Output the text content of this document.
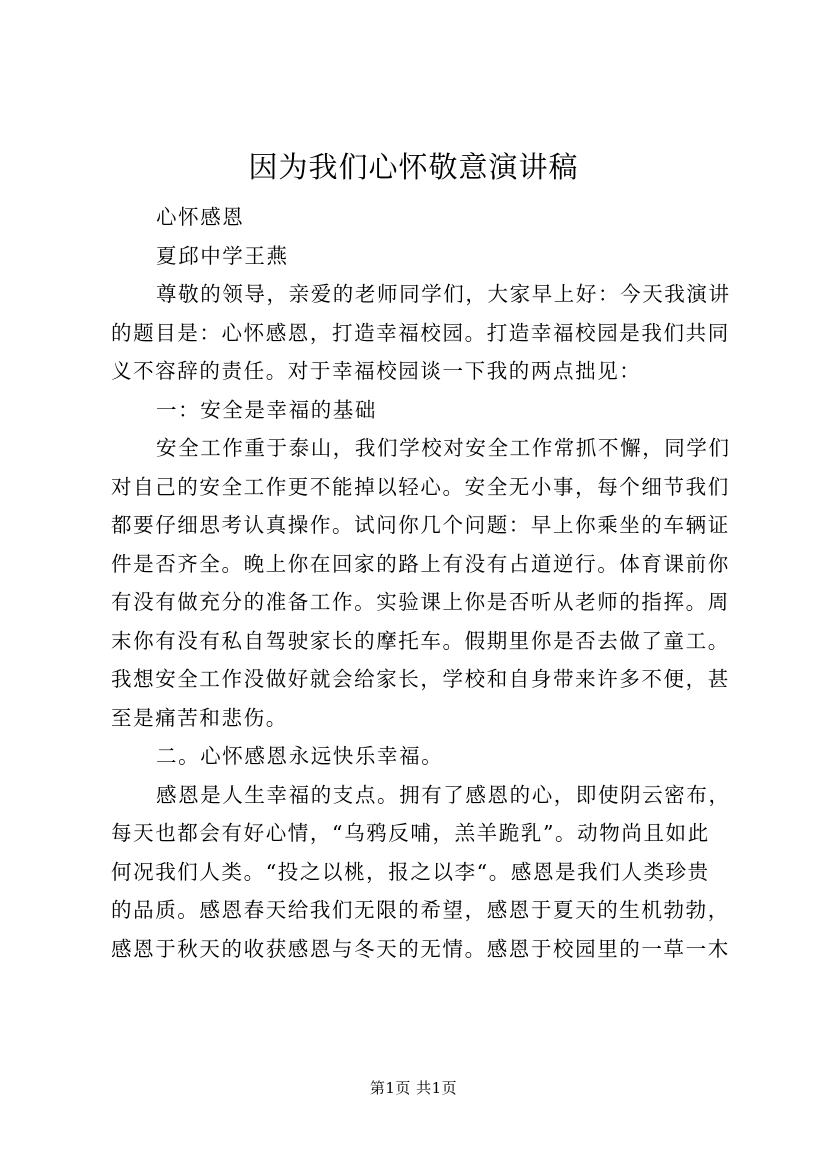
因为我们心怀敬意演讲稿

心怀感恩

夏邱中学王燕

尊敬的领导，亲爱的老师同学们，大家早上好：今天我演讲

的题目是：心怀感恩，打造幸福校园。打造幸福校园是我们共同

义不容辞的责任。对于幸福校园谈一下我的两点拙见：

一：安全是幸福的基础

安全工作重于泰山，我们学校对安全工作常抓不懈，同学们

对自己的安全工作更不能掉以轻心。安全无小事，每个细节我们

都要仔细思考认真操作。试问你几个问题：早上你乘坐的车辆证

件是否齐全。晚上你在回家的路上有没有占道逆行。体育课前你

有没有做充分的准备工作。实验课上你是否听从老师的指挥。周

末你有没有私自驾驶家长的摩托车。假期里你是否去做了童工。

我想安全工作没做好就会给家长，学校和自身带来许多不便，甚

至是痛苦和悲伤。

二。心怀感恩永远快乐幸福。

感恩是人生幸福的支点。拥有了感恩的心，即使阴云密布，

每天也都会有好心情，“乌鸦反哺，羔羊跪乳”。动物尚且如此

何况我们人类。“投之以桃，报之以李“。感恩是我们人类珍贵

的品质。感恩春天给我们无限的希望，感恩于夏天的生机勃勃，

感恩于秋天的收获感恩与冬天的无情。感恩于校园里的一草一木

第1页 共1页
